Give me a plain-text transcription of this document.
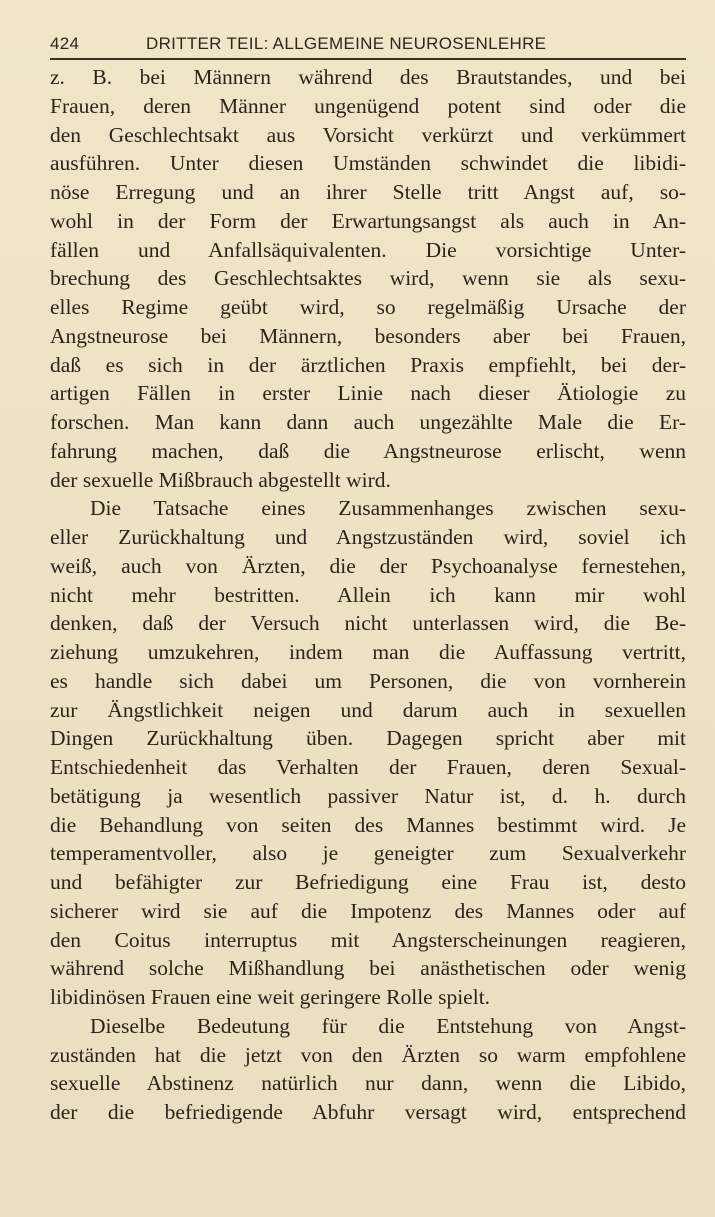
424	DRITTER TEIL: ALLGEMEINE NEUROSENLEHRE
z. B. bei Männern während des Brautstandes, und bei
Frauen, deren Männer ungenügend potent sind oder die
den Geschlechtsakt aus Vorsicht verkürzt und verkümmert
ausführen. Unter diesen Umständen schwindet die libidi-
nöse Erregung und an ihrer Stelle tritt Angst auf, so-
wohl in der Form der Erwartungsangst als auch in An-
fällen und Anfallsäquivalenten. Die vorsichtige Unter-
brechung des Geschlechtsaktes wird, wenn sie als sexu-
elles Regime geübt wird, so regelmäßig Ursache der
Angstneurose bei Männern, besonders aber bei Frauen,
daß es sich in der ärztlichen Praxis empfiehlt, bei der-
artigen Fällen in erster Linie nach dieser Ätiologie zu
forschen. Man kann dann auch ungezählte Male die Er-
fahrung machen, daß die Angstneurose erlischt, wenn
der sexuelle Mißbrauch abgestellt wird.
Die Tatsache eines Zusammenhanges zwischen sexu-
eller Zurückhaltung und Angstzuständen wird, soviel ich
weiß, auch von Ärzten, die der Psychoanalyse fernestehen,
nicht mehr bestritten. Allein ich kann mir wohl
denken, daß der Versuch nicht unterlassen wird, die Be-
ziehung umzukehren, indem man die Auffassung vertritt,
es handle sich dabei um Personen, die von vornherein
zur Ängstlichkeit neigen und darum auch in sexuellen
Dingen Zurückhaltung üben. Dagegen spricht aber mit
Entschiedenheit das Verhalten der Frauen, deren Sexual-
betätigung ja wesentlich passiver Natur ist, d. h. durch
die Behandlung von seiten des Mannes bestimmt wird. Je
temperamentvoller, also je geneigter zum Sexualverkehr
und befähigter zur Befriedigung eine Frau ist, desto
sicherer wird sie auf die Impotenz des Mannes oder auf
den Coitus interruptus mit Angsterscheinungen reagieren,
während solche Mißhandlung bei anästhetischen oder wenig
libidinösen Frauen eine weit geringere Rolle spielt.
Dieselbe Bedeutung für die Entstehung von Angst-
zuständen hat die jetzt von den Ärzten so warm empfohlene
sexuelle Abstinenz natürlich nur dann, wenn die Libido,
der die befriedigende Abfuhr versagt wird, entsprechend
